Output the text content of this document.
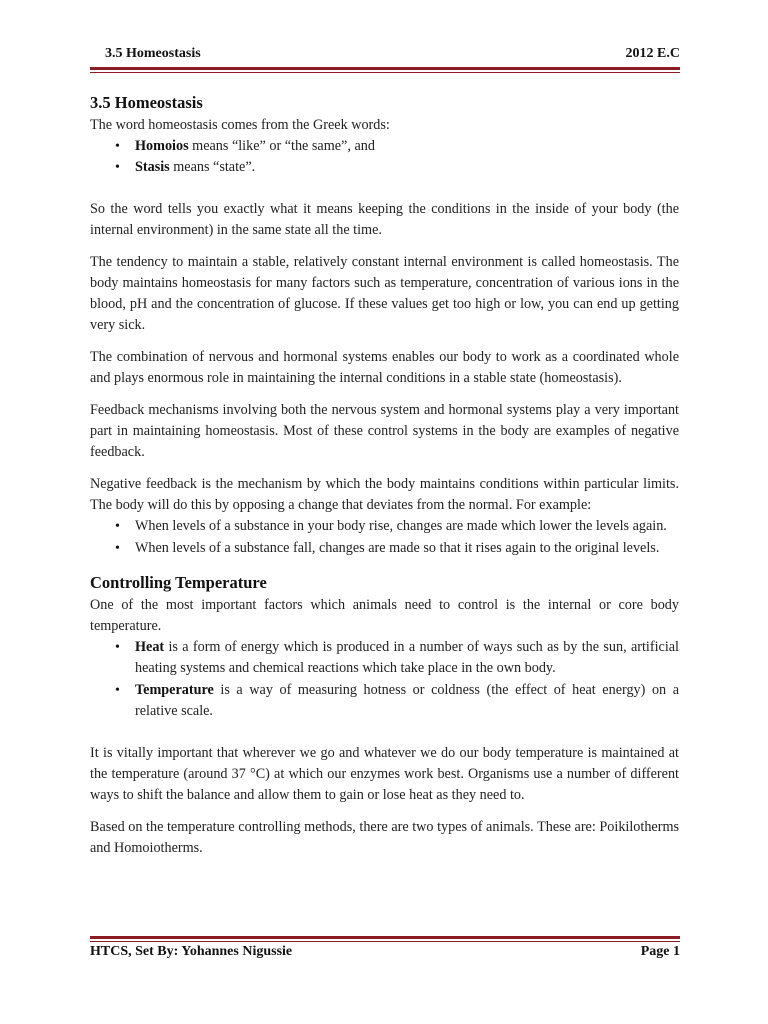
3.5 Homeostasis	2012 E.C
3.5 Homeostasis

The word homeostasis comes from the Greek words:

• Homoios means “like” or “the same”, and
• Stasis means “state”.

So the word tells you exactly what it means keeping the conditions in the inside of your body (the internal environment) in the same state all the time.

The tendency to maintain a stable, relatively constant internal environment is called homeostasis. The body maintains homeostasis for many factors such as temperature, concentration of various ions in the blood, pH and the concentration of glucose. If these values get too high or low, you can end up getting very sick.

The combination of nervous and hormonal systems enables our body to work as a coordinated whole and plays enormous role in maintaining the internal conditions in a stable state (homeostasis).

Feedback mechanisms involving both the nervous system and hormonal systems play a very important part in maintaining homeostasis. Most of these control systems in the body are examples of negative feedback.

Negative feedback is the mechanism by which the body maintains conditions within particular limits. The body will do this by opposing a change that deviates from the normal. For example:

• When levels of a substance in your body rise, changes are made which lower the levels again.
• When levels of a substance fall, changes are made so that it rises again to the original levels.
Controlling Temperature

One of the most important factors which animals need to control is the internal or core body temperature.

• Heat is a form of energy which is produced in a number of ways such as by the sun, artificial heating systems and chemical reactions which take place in the own body.
• Temperature is a way of measuring hotness or coldness (the effect of heat energy) on a relative scale.

It is vitally important that wherever we go and whatever we do our body temperature is maintained at the temperature (around 37 °C) at which our enzymes work best. Organisms use a number of different ways to shift the balance and allow them to gain or lose heat as they need to.

Based on the temperature controlling methods, there are two types of animals. These are: Poikilotherms and Homoiotherms.

HTCS, Set By: Yohannes Nigussie	Page 1
